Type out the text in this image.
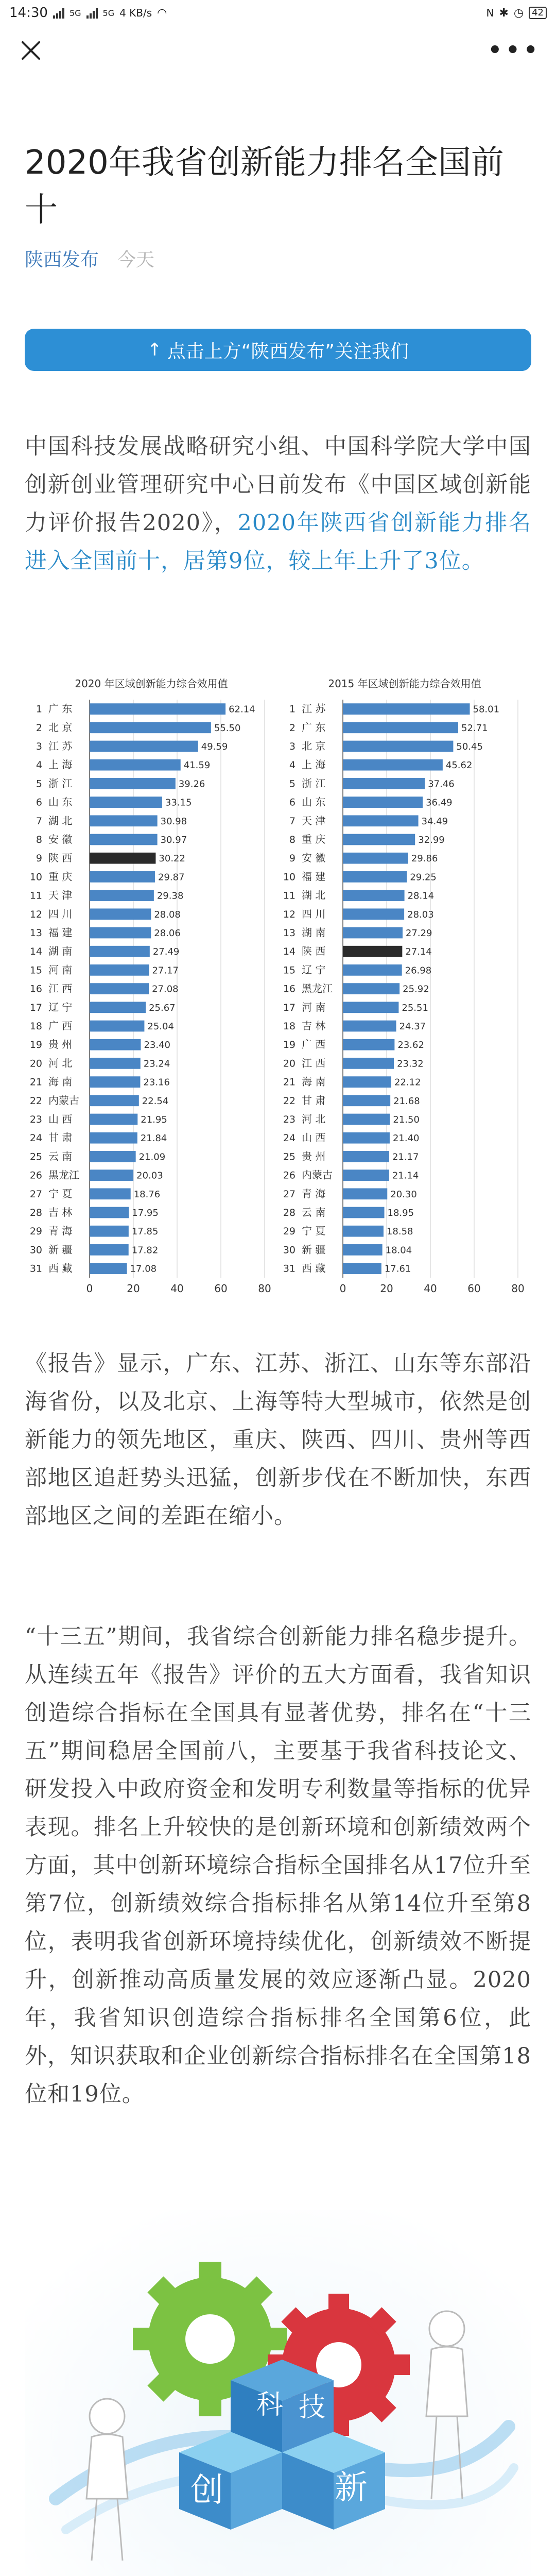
14:30	5G	5G 4 KB/s ◠	N ✱ ◷ 42
•••
2020年我省创新能力排名全国前十
陕西发布 今天
↑ 点击上方“陕西发布”关注我们

中国科技发展战略研究小组、中国科学院大学中国创新创业管理研究中心日前发布《中国区域创新能力评价报告2020》，2020年陕西省创新能力排名进入全国前十，居第9位，较上年上升了3位。

2020 年区域创新能力综合效用值
0	20	40	60	80
1 广 东	62.14
2 北 京	55.50
3 江 苏	49.59
4 上 海	41.59
5 浙 江	39.26
6 山 东	33.15
7 湖 北	30.98
8 安 徽	30.97
9 陕 西	30.22
10 重 庆	29.87
11 天 津	29.38
12 四 川	28.08
13 福 建	28.06
14 湖 南	27.49
15 河 南	27.17
16 江 西	27.08
17 辽 宁	25.67
18 广 西	25.04
19 贵 州	23.40
20 河 北	23.24
21 海 南	23.16
22 内蒙古	22.54
23 山 西	21.95
24 甘 肃	21.84
25 云 南	21.09
26 黑龙江	20.03
27 宁 夏	18.76
28 吉 林	17.95
29 青 海	17.85
30 新 疆	17.82
31 西 藏	17.08
2015 年区域创新能力综合效用值
0	20	40	60	80
1 江 苏	58.01
2 广 东	52.71
3 北 京	50.45
4 上 海	45.62
5 浙 江	37.46
6 山 东	36.49
7 天 津	34.49
8 重 庆	32.99
9 安 徽	29.86
10 福 建	29.25
11 湖 北	28.14
12 四 川	28.03
13 湖 南	27.29
14 陕 西	27.14
15 辽 宁	26.98
16 黑龙江	25.92
17 河 南	25.51
18 吉 林	24.37
19 广 西	23.62
20 江 西	23.32
21 海 南	22.12
22 甘 肃	21.68
23 河 北	21.50
24 山 西	21.40
25 贵 州	21.17
26 内蒙古	21.14
27 青 海	20.30
28 云 南	18.95
29 宁 夏	18.58
30 新 疆	18.04
31 西 藏	17.61

《报告》显示，广东、江苏、浙江、山东等东部沿海省份，以及北京、上海等特大型城市，依然是创新能力的领先地区，重庆、陕西、四川、贵州等西部地区追赶势头迅猛，创新步伐在不断加快，东西部地区之间的差距在缩小。

“十三五”期间，我省综合创新能力排名稳步提升。从连续五年《报告》评价的五大方面看，我省知识创造综合指标在全国具有显著优势，排名在“十三五”期间稳居全国前八，主要基于我省科技论文、研发投入中政府资金和发明专利数量等指标的优异表现。排名上升较快的是创新环境和创新绩效两个方面，其中创新环境综合指标全国排名从17位升至第7位，创新绩效综合指标排名从第14位升至第8位，表明我省创新环境持续优化，创新绩效不断提升，创新推动高质量发展的效应逐渐凸显。2020年，我省知识创造综合指标排名全国第6位，此外，知识获取和企业创新综合指标排名在全国第18位和19位。

科 技
创	新
